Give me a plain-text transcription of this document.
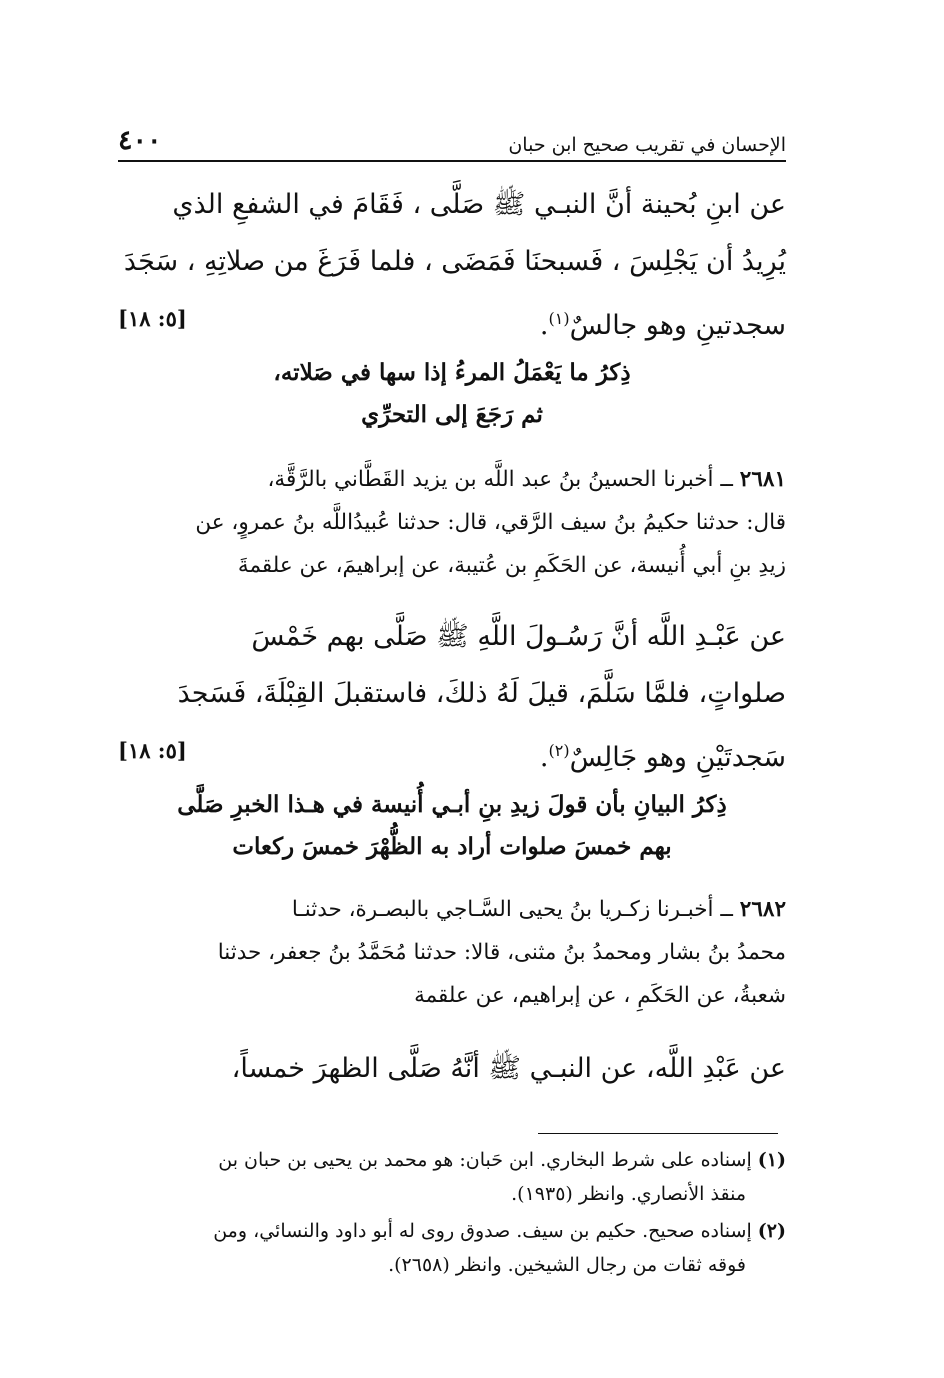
الإحسان في تقريب صحيح ابن حبان
٤٠٠

عن ابنِ بُحينة أنَّ النبـي ﷺ صَلَّى ، فَقَامَ في الشفعِ الذي
يُرِيدُ أن يَجْلِسَ ، فَسبحنَا فَمَضَى ، فلما فَرَغَ من صلاتِهِ ، سَجَدَ
سجدتينِ وهو جالسٌ$^{(١)}$.
[٥: ١٨]

ذِكرُ ما يَعْمَلُ المرءُ إذا سها في صَلاته،
ثم رَجَعَ إلى التحرِّي

٢٦٨١ ــ أخبرنا الحسينُ بنُ عبد اللَّه بن يزيد القَطَّاني بالرَّقَّة،
قال: حدثنا حكيمُ بنُ سيف الرَّقي، قال: حدثنا عُبيدُاللَّه بنُ عمروٍ، عن
زيدِ بنِ أبي أُنيسة، عن الحَكَمِ بن عُتيبة، عن إبراهيمَ، عن علقمةَ

عن عَبْـدِ اللَّه أنَّ رَسُـولَ اللَّهِ ﷺ صَلَّى بهم خَمْسَ
صلواتٍ، فلمَّا سَلَّمَ، قيلَ لَهُ ذلكَ، فاستقبلَ القِبْلَةَ، فَسَجدَ
سَجدتَيْنِ وهو جَالِسٌ$^{(٢)}$.
[٥: ١٨]

ذِكرُ البيانِ بأن قولَ زيدِ بنِ أبـي أُنيسة في هـذا الخبرِ صَلَّى
بهم خمسَ صلوات أراد به الظُّهْرَ خمسَ ركعات

٢٦٨٢ ــ أخبـرنا زكـريا بنُ يحيى السَّـاجي بالبصـرة، حدثنـا
محمدُ بنُ بشار ومحمدُ بنُ مثنى، قالا: حدثنا مُحَمَّدُ بنُ جعفر، حدثنا
شعبةُ، عن الحَكَمِ ، عن إبراهيم، عن علقمة

عن عَبْدِ اللَّه، عن النبـي ﷺ أنَّهُ صَلَّى الظهرَ خمساً،

(١) إسناده على شرط البخاري. ابن حَبان: هو محمد بن يحيى بن حبان بن
منقذ الأنصاري. وانظر (١٩٣٥).

(٢) إسناده صحيح. حكيم بن سيف. صدوق روى له أبو داود والنسائي، ومن
فوقه ثقات من رجال الشيخين. وانظر (٢٦٥٨).
